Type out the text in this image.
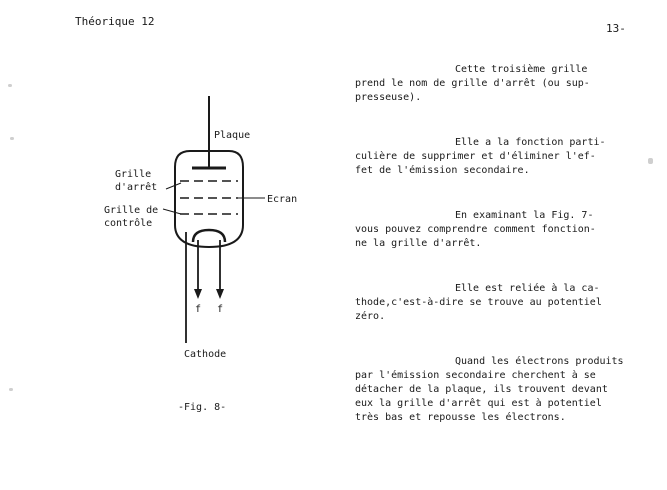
Théorique 12
13-
Cette troisième grille
prend le nom de grille d'arrêt (ou sup-
presseuse).
Elle a la fonction parti-
culière de supprimer et d'éliminer l'ef-
fet de l'émission secondaire.
En examinant la Fig. 7-
vous pouvez comprendre comment fonction-
ne la grille d'arrêt.
Elle est reliée à la ca-
thode,c'est-à-dire se trouve au potentiel
zéro.
Quand les électrons produits
par l'émission secondaire cherchent à se
détacher de la plaque, ils trouvent devant
eux la grille d'arrêt qui est à potentiel
très bas et repousse les électrons.
Plaque
Ecran
Grille
d'arrêt
Grille de
contrôle
f f
Cathode
-Fig. 8-
